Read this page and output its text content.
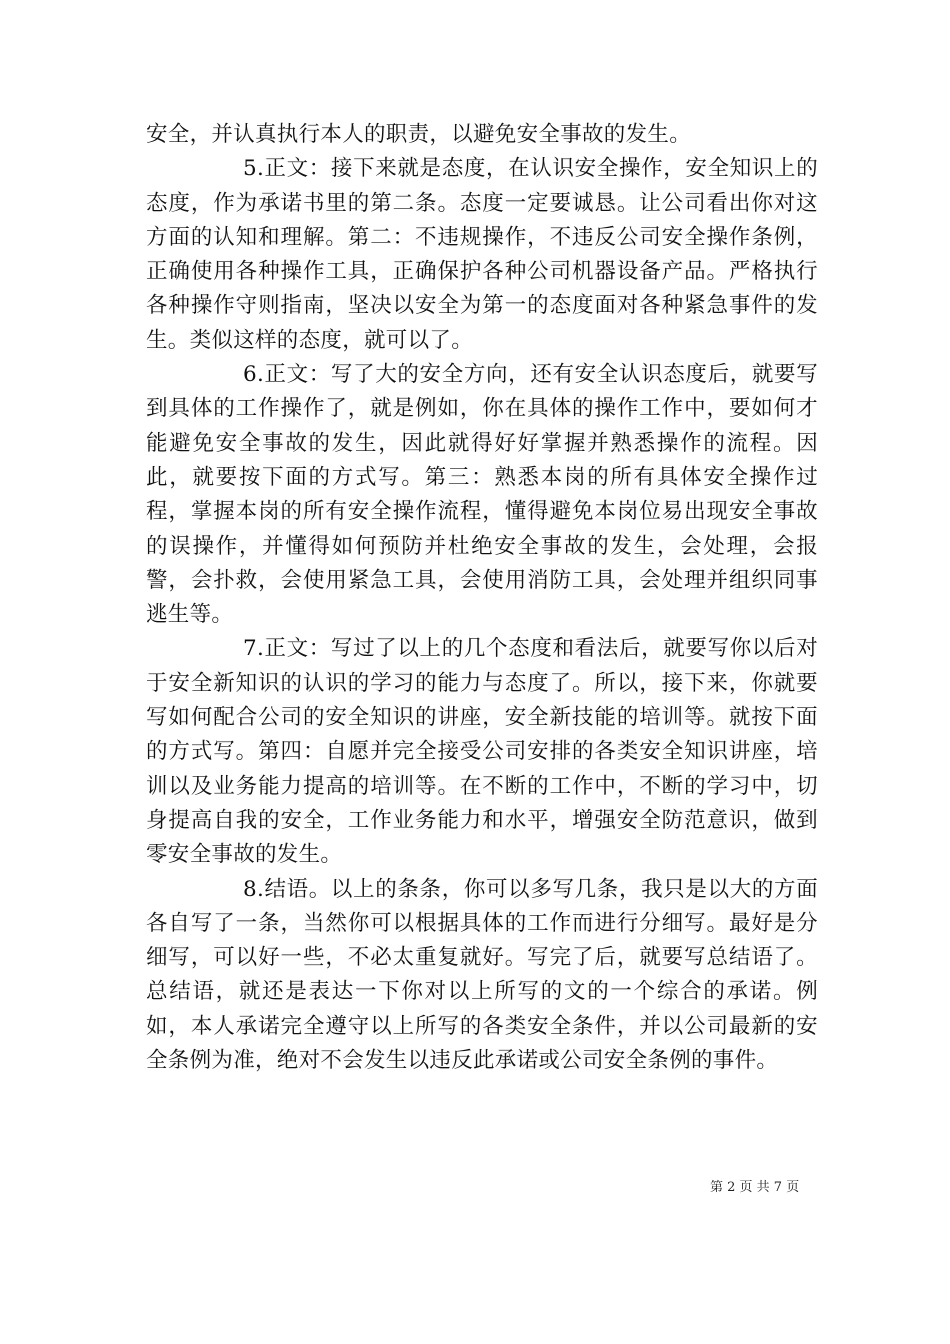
安全，并认真执行本人的职责，以避免安全事故的发生。

5.正文：接下来就是态度，在认识安全操作，安全知识上的态度，作为承诺书里的第二条。态度一定要诚恳。让公司看出你对这方面的认知和理解。第二：不违规操作，不违反公司安全操作条例，正确使用各种操作工具，正确保护各种公司机器设备产品。严格执行各种操作守则指南，坚决以安全为第一的态度面对各种紧急事件的发生。类似这样的态度，就可以了。

6.正文：写了大的安全方向，还有安全认识态度后，就要写到具体的工作操作了，就是例如，你在具体的操作工作中，要如何才能避免安全事故的发生，因此就得好好掌握并熟悉操作的流程。因此，就要按下面的方式写。第三：熟悉本岗的所有具体安全操作过程，掌握本岗的所有安全操作流程，懂得避免本岗位易出现安全事故的误操作，并懂得如何预防并杜绝安全事故的发生，会处理，会报警，会扑救，会使用紧急工具，会使用消防工具，会处理并组织同事逃生等。

7.正文：写过了以上的几个态度和看法后，就要写你以后对于安全新知识的认识的学习的能力与态度了。所以，接下来，你就要写如何配合公司的安全知识的讲座，安全新技能的培训等。就按下面的方式写。第四：自愿并完全接受公司安排的各类安全知识讲座，培训以及业务能力提高的培训等。在不断的工作中，不断的学习中，切身提高自我的安全，工作业务能力和水平，增强安全防范意识，做到零安全事故的发生。

8.结语。以上的条条，你可以多写几条，我只是以大的方面各自写了一条，当然你可以根据具体的工作而进行分细写。最好是分细写，可以好一些，不必太重复就好。写完了后，就要写总结语了。总结语，就还是表达一下你对以上所写的文的一个综合的承诺。例如，本人承诺完全遵守以上所写的各类安全条件，并以公司最新的安全条例为准，绝对不会发生以违反此承诺或公司安全条例的事件。

第 2 页 共 7 页
